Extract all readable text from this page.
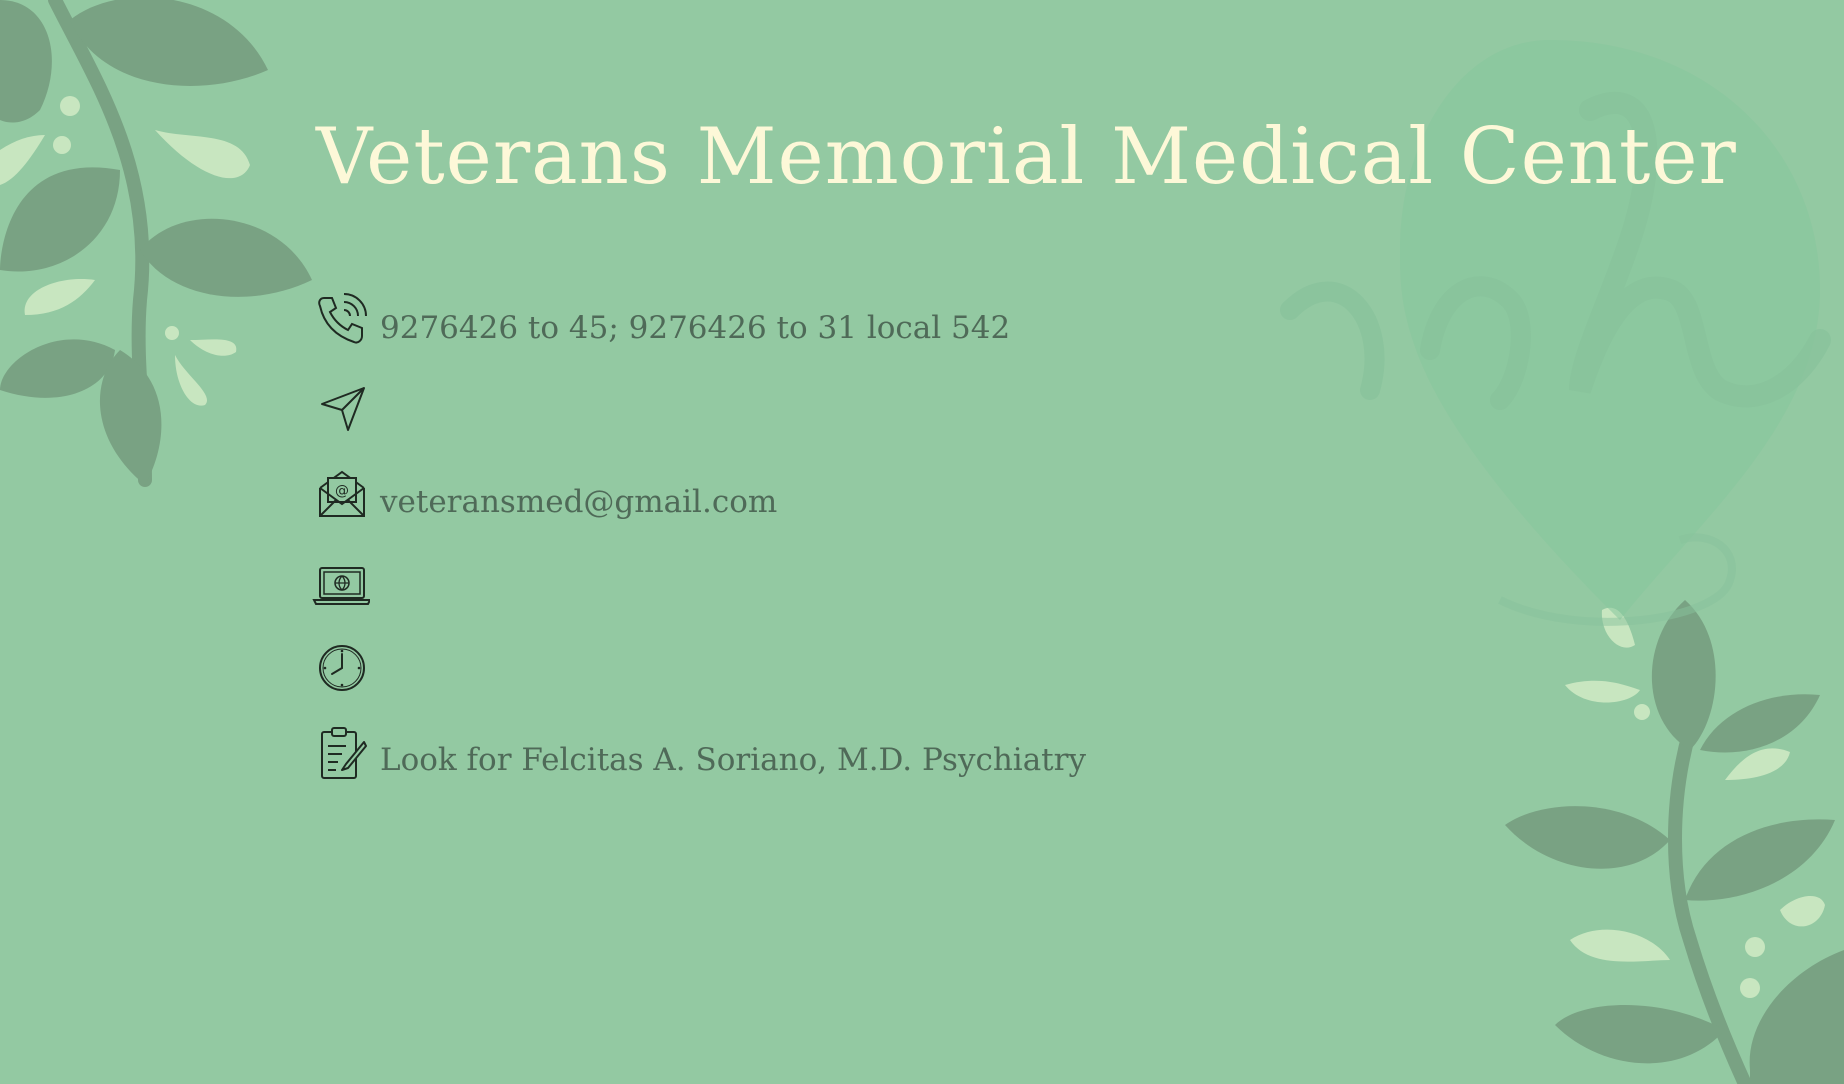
Veterans Memorial Medical Center
9276426 to 45; 9276426 to 31 local 542
@ veteransmed@gmail.com
Look for Felcitas A. Soriano, M.D. Psychiatry
